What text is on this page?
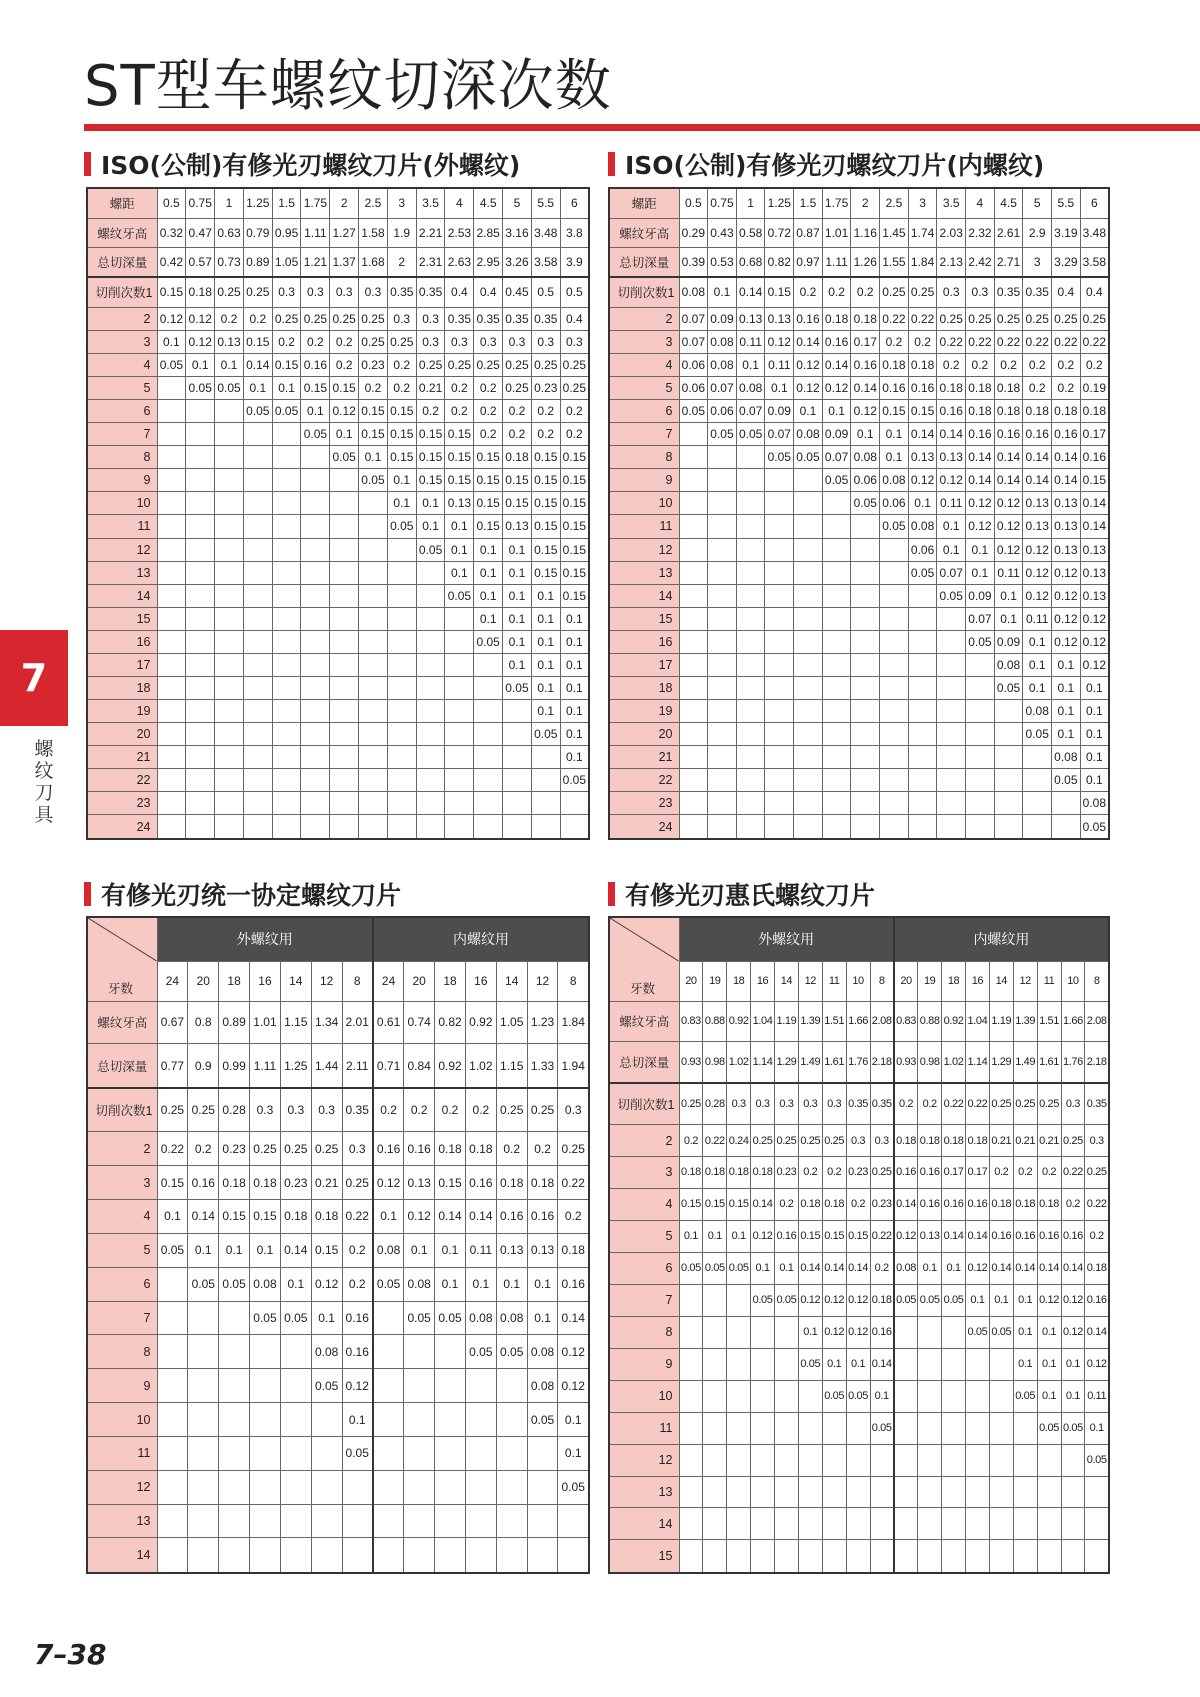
ST型车螺纹切深次数
7
螺纹刀具
ISO(公制)有修光刃螺纹刀片(外螺纹)
螺距	0.5	0.75	1	1.25	1.5	1.75	2	2.5	3	3.5	4	4.5	5	5.5	6
螺纹牙高	0.32	0.47	0.63	0.79	0.95	1.11	1.27	1.58	1.9	2.21	2.53	2.85	3.16	3.48	3.8
总切深量	0.42	0.57	0.73	0.89	1.05	1.21	1.37	1.68	2	2.31	2.63	2.95	3.26	3.58	3.9
切削次数1	0.15	0.18	0.25	0.25	0.3	0.3	0.3	0.3	0.35	0.35	0.4	0.4	0.45	0.5	0.5
2	0.12	0.12	0.2	0.2	0.25	0.25	0.25	0.25	0.3	0.3	0.35	0.35	0.35	0.35	0.4
3	0.1	0.12	0.13	0.15	0.2	0.2	0.2	0.25	0.25	0.3	0.3	0.3	0.3	0.3	0.3
4	0.05	0.1	0.1	0.14	0.15	0.16	0.2	0.23	0.2	0.25	0.25	0.25	0.25	0.25	0.25
5		0.05	0.05	0.1	0.1	0.15	0.15	0.2	0.2	0.21	0.2	0.2	0.25	0.23	0.25
6				0.05	0.05	0.1	0.12	0.15	0.15	0.2	0.2	0.2	0.2	0.2	0.2
7						0.05	0.1	0.15	0.15	0.15	0.15	0.2	0.2	0.2	0.2
8							0.05	0.1	0.15	0.15	0.15	0.15	0.18	0.15	0.15
9								0.05	0.1	0.15	0.15	0.15	0.15	0.15	0.15
10									0.1	0.1	0.13	0.15	0.15	0.15	0.15
11									0.05	0.1	0.1	0.15	0.13	0.15	0.15
12										0.05	0.1	0.1	0.1	0.15	0.15
13											0.1	0.1	0.1	0.15	0.15
14											0.05	0.1	0.1	0.1	0.15
15												0.1	0.1	0.1	0.1
16												0.05	0.1	0.1	0.1
17													0.1	0.1	0.1
18													0.05	0.1	0.1
19														0.1	0.1
20														0.05	0.1
21															0.1
22															0.05
23															
24															
ISO(公制)有修光刃螺纹刀片(内螺纹)
螺距	0.5	0.75	1	1.25	1.5	1.75	2	2.5	3	3.5	4	4.5	5	5.5	6
螺纹牙高	0.29	0.43	0.58	0.72	0.87	1.01	1.16	1.45	1.74	2.03	2.32	2.61	2.9	3.19	3.48
总切深量	0.39	0.53	0.68	0.82	0.97	1.11	1.26	1.55	1.84	2.13	2.42	2.71	3	3.29	3.58
切削次数1	0.08	0.1	0.14	0.15	0.2	0.2	0.2	0.25	0.25	0.3	0.3	0.35	0.35	0.4	0.4
2	0.07	0.09	0.13	0.13	0.16	0.18	0.18	0.22	0.22	0.25	0.25	0.25	0.25	0.25	0.25
3	0.07	0.08	0.11	0.12	0.14	0.16	0.17	0.2	0.2	0.22	0.22	0.22	0.22	0.22	0.22
4	0.06	0.08	0.1	0.11	0.12	0.14	0.16	0.18	0.18	0.2	0.2	0.2	0.2	0.2	0.2
5	0.06	0.07	0.08	0.1	0.12	0.12	0.14	0.16	0.16	0.18	0.18	0.18	0.2	0.2	0.19
6	0.05	0.06	0.07	0.09	0.1	0.1	0.12	0.15	0.15	0.16	0.18	0.18	0.18	0.18	0.18
7		0.05	0.05	0.07	0.08	0.09	0.1	0.1	0.14	0.14	0.16	0.16	0.16	0.16	0.17
8				0.05	0.05	0.07	0.08	0.1	0.13	0.13	0.14	0.14	0.14	0.14	0.16
9						0.05	0.06	0.08	0.12	0.12	0.14	0.14	0.14	0.14	0.15
10							0.05	0.06	0.1	0.11	0.12	0.12	0.13	0.13	0.14
11								0.05	0.08	0.1	0.12	0.12	0.13	0.13	0.14
12									0.06	0.1	0.1	0.12	0.12	0.13	0.13
13									0.05	0.07	0.1	0.11	0.12	0.12	0.13
14										0.05	0.09	0.1	0.12	0.12	0.13
15											0.07	0.1	0.11	0.12	0.12
16											0.05	0.09	0.1	0.12	0.12
17												0.08	0.1	0.1	0.12
18												0.05	0.1	0.1	0.1
19													0.08	0.1	0.1
20													0.05	0.1	0.1
21														0.08	0.1
22														0.05	0.1
23															0.08
24															0.05
有修光刃统一协定螺纹刀片
牙数	外螺纹用							内螺纹用						
	24	20	18	16	14	12	8	24	20	18	16	14	12	8
螺纹牙高	0.67	0.8	0.89	1.01	1.15	1.34	2.01	0.61	0.74	0.82	0.92	1.05	1.23	1.84
总切深量	0.77	0.9	0.99	1.11	1.25	1.44	2.11	0.71	0.84	0.92	1.02	1.15	1.33	1.94
切削次数1	0.25	0.25	0.28	0.3	0.3	0.3	0.35	0.2	0.2	0.2	0.2	0.25	0.25	0.3
2	0.22	0.2	0.23	0.25	0.25	0.25	0.3	0.16	0.16	0.18	0.18	0.2	0.2	0.25
3	0.15	0.16	0.18	0.18	0.23	0.21	0.25	0.12	0.13	0.15	0.16	0.18	0.18	0.22
4	0.1	0.14	0.15	0.15	0.18	0.18	0.22	0.1	0.12	0.14	0.14	0.16	0.16	0.2
5	0.05	0.1	0.1	0.1	0.14	0.15	0.2	0.08	0.1	0.1	0.11	0.13	0.13	0.18
6		0.05	0.05	0.08	0.1	0.12	0.2	0.05	0.08	0.1	0.1	0.1	0.1	0.16
7				0.05	0.05	0.1	0.16		0.05	0.05	0.08	0.08	0.1	0.14
8						0.08	0.16				0.05	0.05	0.08	0.12
9						0.05	0.12						0.08	0.12
10							0.1						0.05	0.1
11							0.05							0.1
12														0.05
13														
14														
有修光刃惠氏螺纹刀片
牙数	外螺纹用									内螺纹用								
	20	19	18	16	14	12	11	10	8	20	19	18	16	14	12	11	10	8
螺纹牙高	0.83	0.88	0.92	1.04	1.19	1.39	1.51	1.66	2.08	0.83	0.88	0.92	1.04	1.19	1.39	1.51	1.66	2.08
总切深量	0.93	0.98	1.02	1.14	1.29	1.49	1.61	1.76	2.18	0.93	0.98	1.02	1.14	1.29	1.49	1.61	1.76	2.18
切削次数1	0.25	0.28	0.3	0.3	0.3	0.3	0.3	0.35	0.35	0.2	0.2	0.22	0.22	0.25	0.25	0.25	0.3	0.35
2	0.2	0.22	0.24	0.25	0.25	0.25	0.25	0.3	0.3	0.18	0.18	0.18	0.18	0.21	0.21	0.21	0.25	0.3
3	0.18	0.18	0.18	0.18	0.23	0.2	0.2	0.23	0.25	0.16	0.16	0.17	0.17	0.2	0.2	0.2	0.22	0.25
4	0.15	0.15	0.15	0.14	0.2	0.18	0.18	0.2	0.23	0.14	0.16	0.16	0.16	0.18	0.18	0.18	0.2	0.22
5	0.1	0.1	0.1	0.12	0.16	0.15	0.15	0.15	0.22	0.12	0.13	0.14	0.14	0.16	0.16	0.16	0.16	0.2
6	0.05	0.05	0.05	0.1	0.1	0.14	0.14	0.14	0.2	0.08	0.1	0.1	0.12	0.14	0.14	0.14	0.14	0.18
7				0.05	0.05	0.12	0.12	0.12	0.18	0.05	0.05	0.05	0.1	0.1	0.1	0.12	0.12	0.16
8						0.1	0.12	0.12	0.16				0.05	0.05	0.1	0.1	0.12	0.14
9						0.05	0.1	0.1	0.14						0.1	0.1	0.1	0.12
10							0.05	0.05	0.1						0.05	0.1	0.1	0.11
11									0.05							0.05	0.05	0.1
12																		0.05
13																		
14																		
15																		
7–38
